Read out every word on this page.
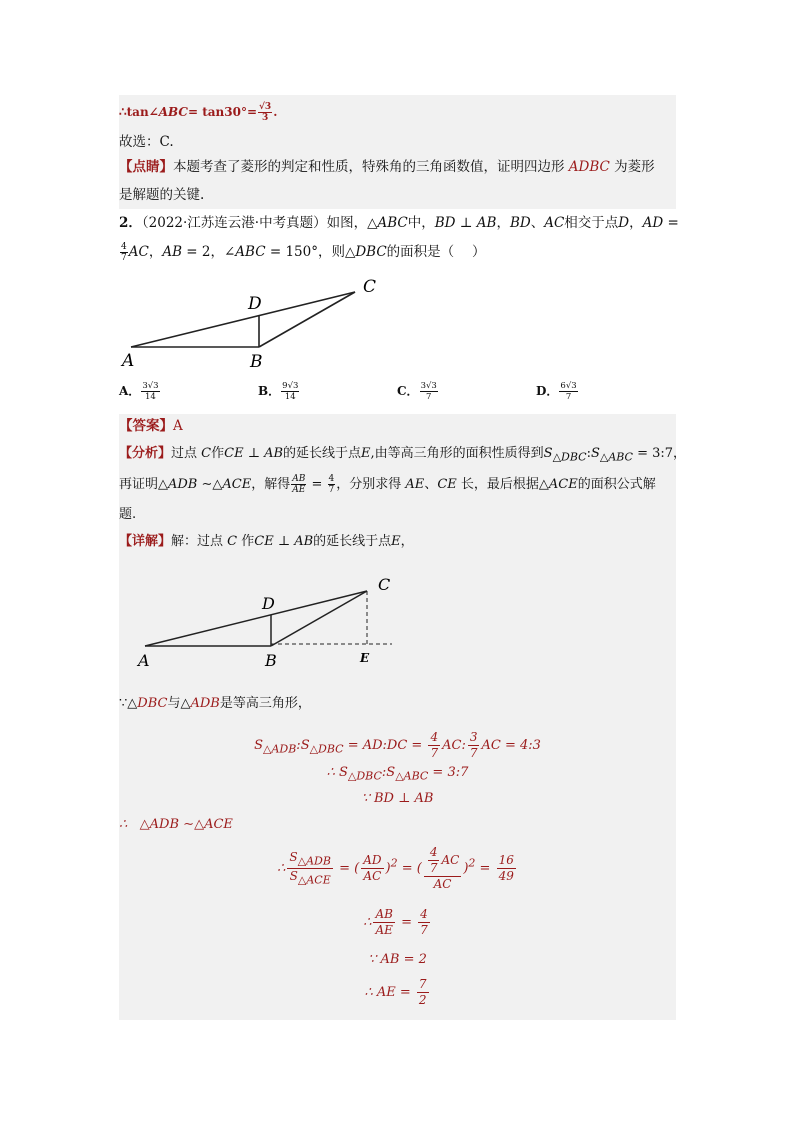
∴tan∠ABC= $\tan 30^\circ= \frac{√3}{3}$ .
故选：C.
【点睛】本题考查了菱形的判定和性质，特殊角的三角函数值，证明四边形 ADBC 为菱形
是解题的关键.
2．（2022·江苏连云港·中考真题）如图，△ABC中，BD ⊥ AB，BD、AC相交于点D，AD =
$\frac{4}{7}$ AC，AB = 2，∠ABC = 150°，则△DBC的面积是（　 ）
A	B
C
D
A． $\frac{3√3}{14}$	B． $\frac{9√3}{14}$	C． $\frac{3√3}{7}$	D． $\frac{6√3}{7}$
【答案】A
【分析】过点 C作CE ⊥ AB的延长线于点E,由等高三角形的面积性质得到$S_{\triangle DBC}:S_{\triangle ABC}$ = 3:7，
再证明△ADB ∼△ACE，解得 $\frac{AB}{AE} = \frac{4}{7}$ ，分别求得 AE、CE 长，最后根据△ACE的面积公式解
题.
【详解】解：过点 C 作CE ⊥ AB的延长线于点E，
A	B
C
D
E
∵△DBC与△ADB是等高三角形，
$S_{\triangle ADB}:S_{\triangle DBC}$ = AD:DC = $\frac{4}{7}$ AC: $\frac{3}{7}$ AC = 4:3
∴ $S_{\triangle DBC}:S_{\triangle ABC}$ = 3:7
∵ BD ⊥ AB
∴   △ADB ∼△ACE
∴
$S_{\triangle ADB}$
$S_{\triangle ACE}$
= ( $\frac{AD}{AC} )^2$ = ( $\frac{\frac{4}{7} AC}{AC} )^2 = \frac{16}{49}$
∴ $\frac{AB}{AE} = \frac{4}{7}$
∵ AB = 2
∴ AE = $\frac{7}{2}$
